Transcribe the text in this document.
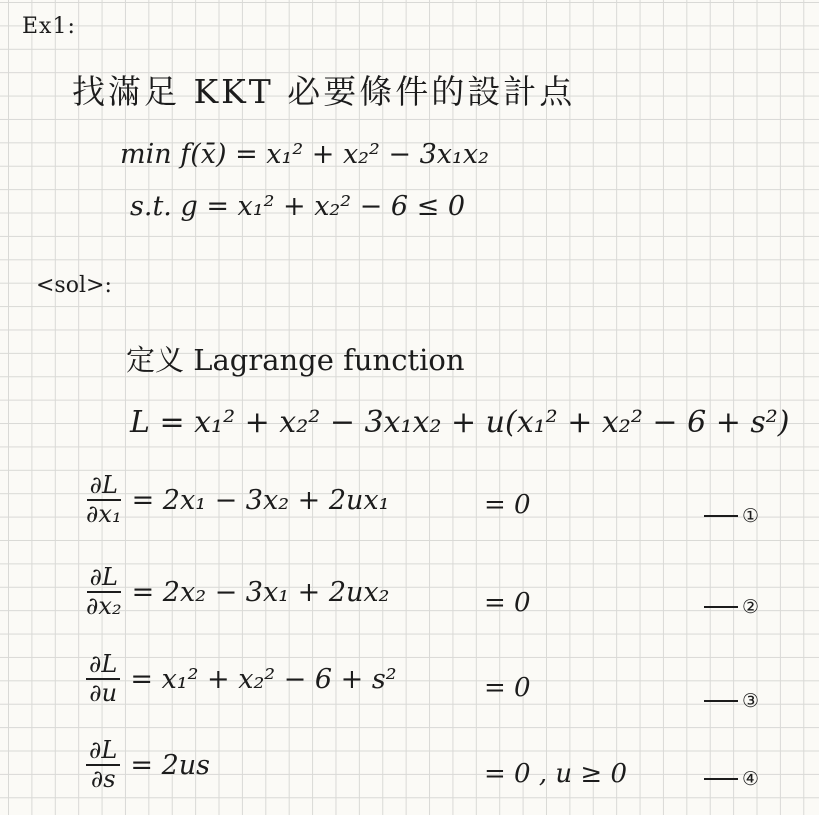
Ex1:
找滿足 KKT 必要條件的設計点
min f(x̄) = x₁² + x₂² − 3x₁x₂
s.t. g = x₁² + x₂² − 6 ≤ 0
<sol>:
定义 Lagrange function
L = x₁² + x₂² − 3x₁x₂ + u(x₁² + x₂² − 6 + s²)
$\frac{\partial L}{\text{∂x₁}} = 2x_1 - 3x_2 + 2ux_1$	= 0	①
$\frac{\partial L}{\text{∂x₂}} = 2x_2 - 3x_1 + 2ux_2$	= 0	②
$\frac{\partial L}{\partial u} = x_1^2 + x_2^2 - 6 + s^2$	= 0	③
$\frac{\partial L}{\partial s} = 2us$	= 0 , u ≥ 0	④
